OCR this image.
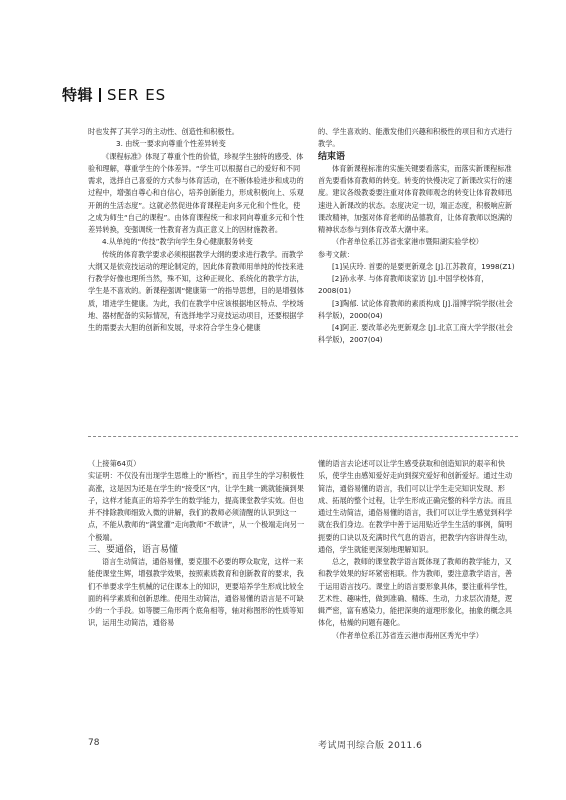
特辑 SER ES

时也发挥了其学习的主动性、创造性和积极性。

3. 由统一要求向尊重个性差异转变

《课程标准》体现了尊重个性的价值，珍视学生独特的感受、体验和理解，尊重学生的个体差异。“学生可以根据自己的爱好和不同需求，选择自己喜爱的方式参与体育活动，在不断体验进步和成功的过程中，增强自尊心和自信心，培养创新能力，形成积极向上、乐观开朗的生活态度”。这就必然促进体育课程走向多元化和个性化，使之成为师生“自己的课程”。由体育课程统一和求同向尊重多元和个性差异转换，变强调统一性教育者为真正意义上的因材施教者。

4.从单纯的“传技”教学向学生身心健康服务转变

传统的体育教学要求必须根据教学大纲的要求进行教学。而教学大纲又是依竞技运动的理论制定的，因此体育教师用单纯的传技来进行教学好像也理所当然，殊不知，这种正规化、系统化的教学方法，学生是不喜欢的。新课程强调“健康第一”的指导思想，目的是增强体质，增进学生健康。为此，我们在教学中应该根据地区特点、学校场地、器材配备的实际情况，有选择地学习竞技运动项目，还要根据学生的需要去大胆的创新和发展，寻求符合学生身心健康

的、学生喜欢的、能激发他们兴趣和积极性的项目和方式进行教学。

结束语

体育新课程标准的实施关键要看落实，而落实新课程标准首先要看体育教师的转变。转变的快慢决定了新课改实行的速度。建议各级教委要注重对体育教师观念的转变让体育教师迅速进入新课改的状态。态度决定一切，端正态度，积极响应新课改精神，加强对体育老师的品德教育，让体育教师以饱满的精神状态参与到体育改革大潮中来。

（作者单位系江苏省张家港市暨阳湖实验学校）

参考文献：

[1]吴庆玲. 首要的是要更新观念 [J].江苏教育，1998(Z1)

[2]孙永孝. 与体育教师谈家访 [J].中国学校体育，2008(01)

[3]陶郁. 试论体育教师的素质构成 [J].淄博学院学报(社会科学版)，2000(04)

[4]阿正. 要改革必先更新观念 [J].北京工商大学学报(社会科学版)，2007(04)

（上接第64页）

实证明：不仅没有出现学生思维上的“断档”，而且学生的学习积极性高涨，这是因为还是在学生的“接受区”内，让学生跳一跳就能摘到果子，这样才能真正的培养学生的数学能力，提高课堂教学实效。但也并不排除教师细致入微的讲解，我们的教师必须清醒的认识到这一点，不能从教师的“满堂灌”走向教师“不敢讲”，从一个极端走向另一个极端。

三、要通俗，语言易懂

语言生动简洁，通俗易懂，要克服不必要的啰众取宠，这样一来能使课堂生辉，增强教学效果，按照素质教育和创新教育的要求，我们不单要求学生机械的记住课本上的知识，更要培养学生形成比较全面的科学素质和创新思维。使用生动简洁，通俗易懂的语言是不可缺少的一个手段。如等腰三角形两个底角相等，轴对称图形的性质等知识，运用生动简洁，通俗易

懂的语言去论述可以让学生感受获取和创造知识的艰辛和快乐，使学生由感知爱好走向到探究爱好和创新爱好。通过生动简洁，通俗易懂的语言，我们可以让学生走完知识发现、形成、拓展的整个过程，让学生形成正确完整的科学方法。而且通过生动简洁，通俗易懂的语言，我们可以让学生感觉到科学就在我们身边。在教学中善于运用贴近学生生活的事例，简明扼要的口诀以及充满时代气息的语言，把教学内容讲得生动，通俗，学生就能更深刻地理解知识。

总之，教师的课堂教学语言既体现了教师的教学能力，又和教学效果的好坏紧密相联。作为教师，要注意教学语言，善于运用语言技巧。课堂上的语言要形象具体，要注重科学性，艺术性、趣味性，做到准确、精练、生动，力求层次清楚，逻辑严密，富有感染力，能把深奥的道理形象化，抽象的概念具体化，枯燥的问题有趣化。

（作者单位系江苏省连云港市海州区秀光中学）

78	考试周刊综合版 2011.6
